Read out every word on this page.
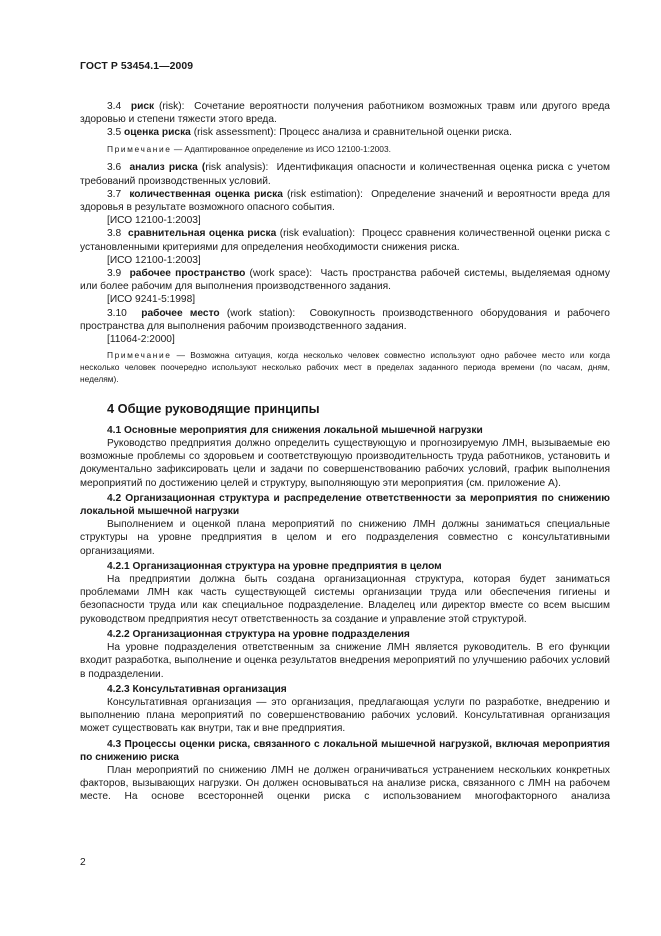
ГОСТ Р 53454.1—2009

3.4 риск (risk): Сочетание вероятности получения работником возможных травм или другого вреда здоровью и степени тяжести этого вреда.

3.5 оценка риска (risk assessment): Процесс анализа и сравнительной оценки риска.

Примечание — Адаптированное определение из ИСО 12100-1:2003.

3.6 анализ риска (risk analysis): Идентификация опасности и количественная оценка риска с учетом требований производственных условий.

3.7 количественная оценка риска (risk estimation): Определение значений и вероятности вреда для здоровья в результате возможного опасного события.

[ИСО 12100-1:2003]

3.8 сравнительная оценка риска (risk evaluation): Процесс сравнения количественной оценки риска с установленными критериями для определения необходимости снижения риска.

[ИСО 12100-1:2003]

3.9 рабочее пространство (work space): Часть пространства рабочей системы, выделяемая одному или более рабочим для выполнения производственного задания.

[ИСО 9241-5:1998]

3.10 рабочее место (work station): Совокупность производственного оборудования и рабочего пространства для выполнения рабочим производственного задания.

[11064-2:2000]

Примечание — Возможна ситуация, когда несколько человек совместно используют одно рабочее место или когда несколько человек поочередно используют несколько рабочих мест в пределах заданного периода времени (по часам, дням, неделям).

4 Общие руководящие принципы

4.1 Основные мероприятия для снижения локальной мышечной нагрузки

Руководство предприятия должно определить существующую и прогнозируемую ЛМН, вызываемые ею возможные проблемы со здоровьем и соответствующую производительность труда работников, установить и документально зафиксировать цели и задачи по совершенствованию рабочих условий, график выполнения мероприятий по достижению целей и структуру, выполняющую эти мероприятия (см. приложение А).

4.2 Организационная структура и распределение ответственности за мероприятия по снижению локальной мышечной нагрузки

Выполнением и оценкой плана мероприятий по снижению ЛМН должны заниматься специальные структуры на уровне предприятия в целом и его подразделения совместно с консультативными организациями.

4.2.1 Организационная структура на уровне предприятия в целом

На предприятии должна быть создана организационная структура, которая будет заниматься проблемами ЛМН как часть существующей системы организации труда или обеспечения гигиены и безопасности труда или как специальное подразделение. Владелец или директор вместе со всем высшим руководством предприятия несут ответственность за создание и управление этой структурой.

4.2.2 Организационная структура на уровне подразделения

На уровне подразделения ответственным за снижение ЛМН является руководитель. В его функции входит разработка, выполнение и оценка результатов внедрения мероприятий по улучшению рабочих условий в подразделении.

4.2.3 Консультативная организация

Консультативная организация — это организация, предлагающая услуги по разработке, внедрению и выполнению плана мероприятий по совершенствованию рабочих условий. Консультативная организация может существовать как внутри, так и вне предприятия.

4.3 Процессы оценки риска, связанного с локальной мышечной нагрузкой, включая мероприятия по снижению риска

План мероприятий по снижению ЛМН не должен ограничиваться устранением нескольких конкретных факторов, вызывающих нагрузки. Он должен основываться на анализе риска, связанного с ЛМН на рабочем месте. На основе всесторонней оценки риска с использованием многофакторного анализа

2
